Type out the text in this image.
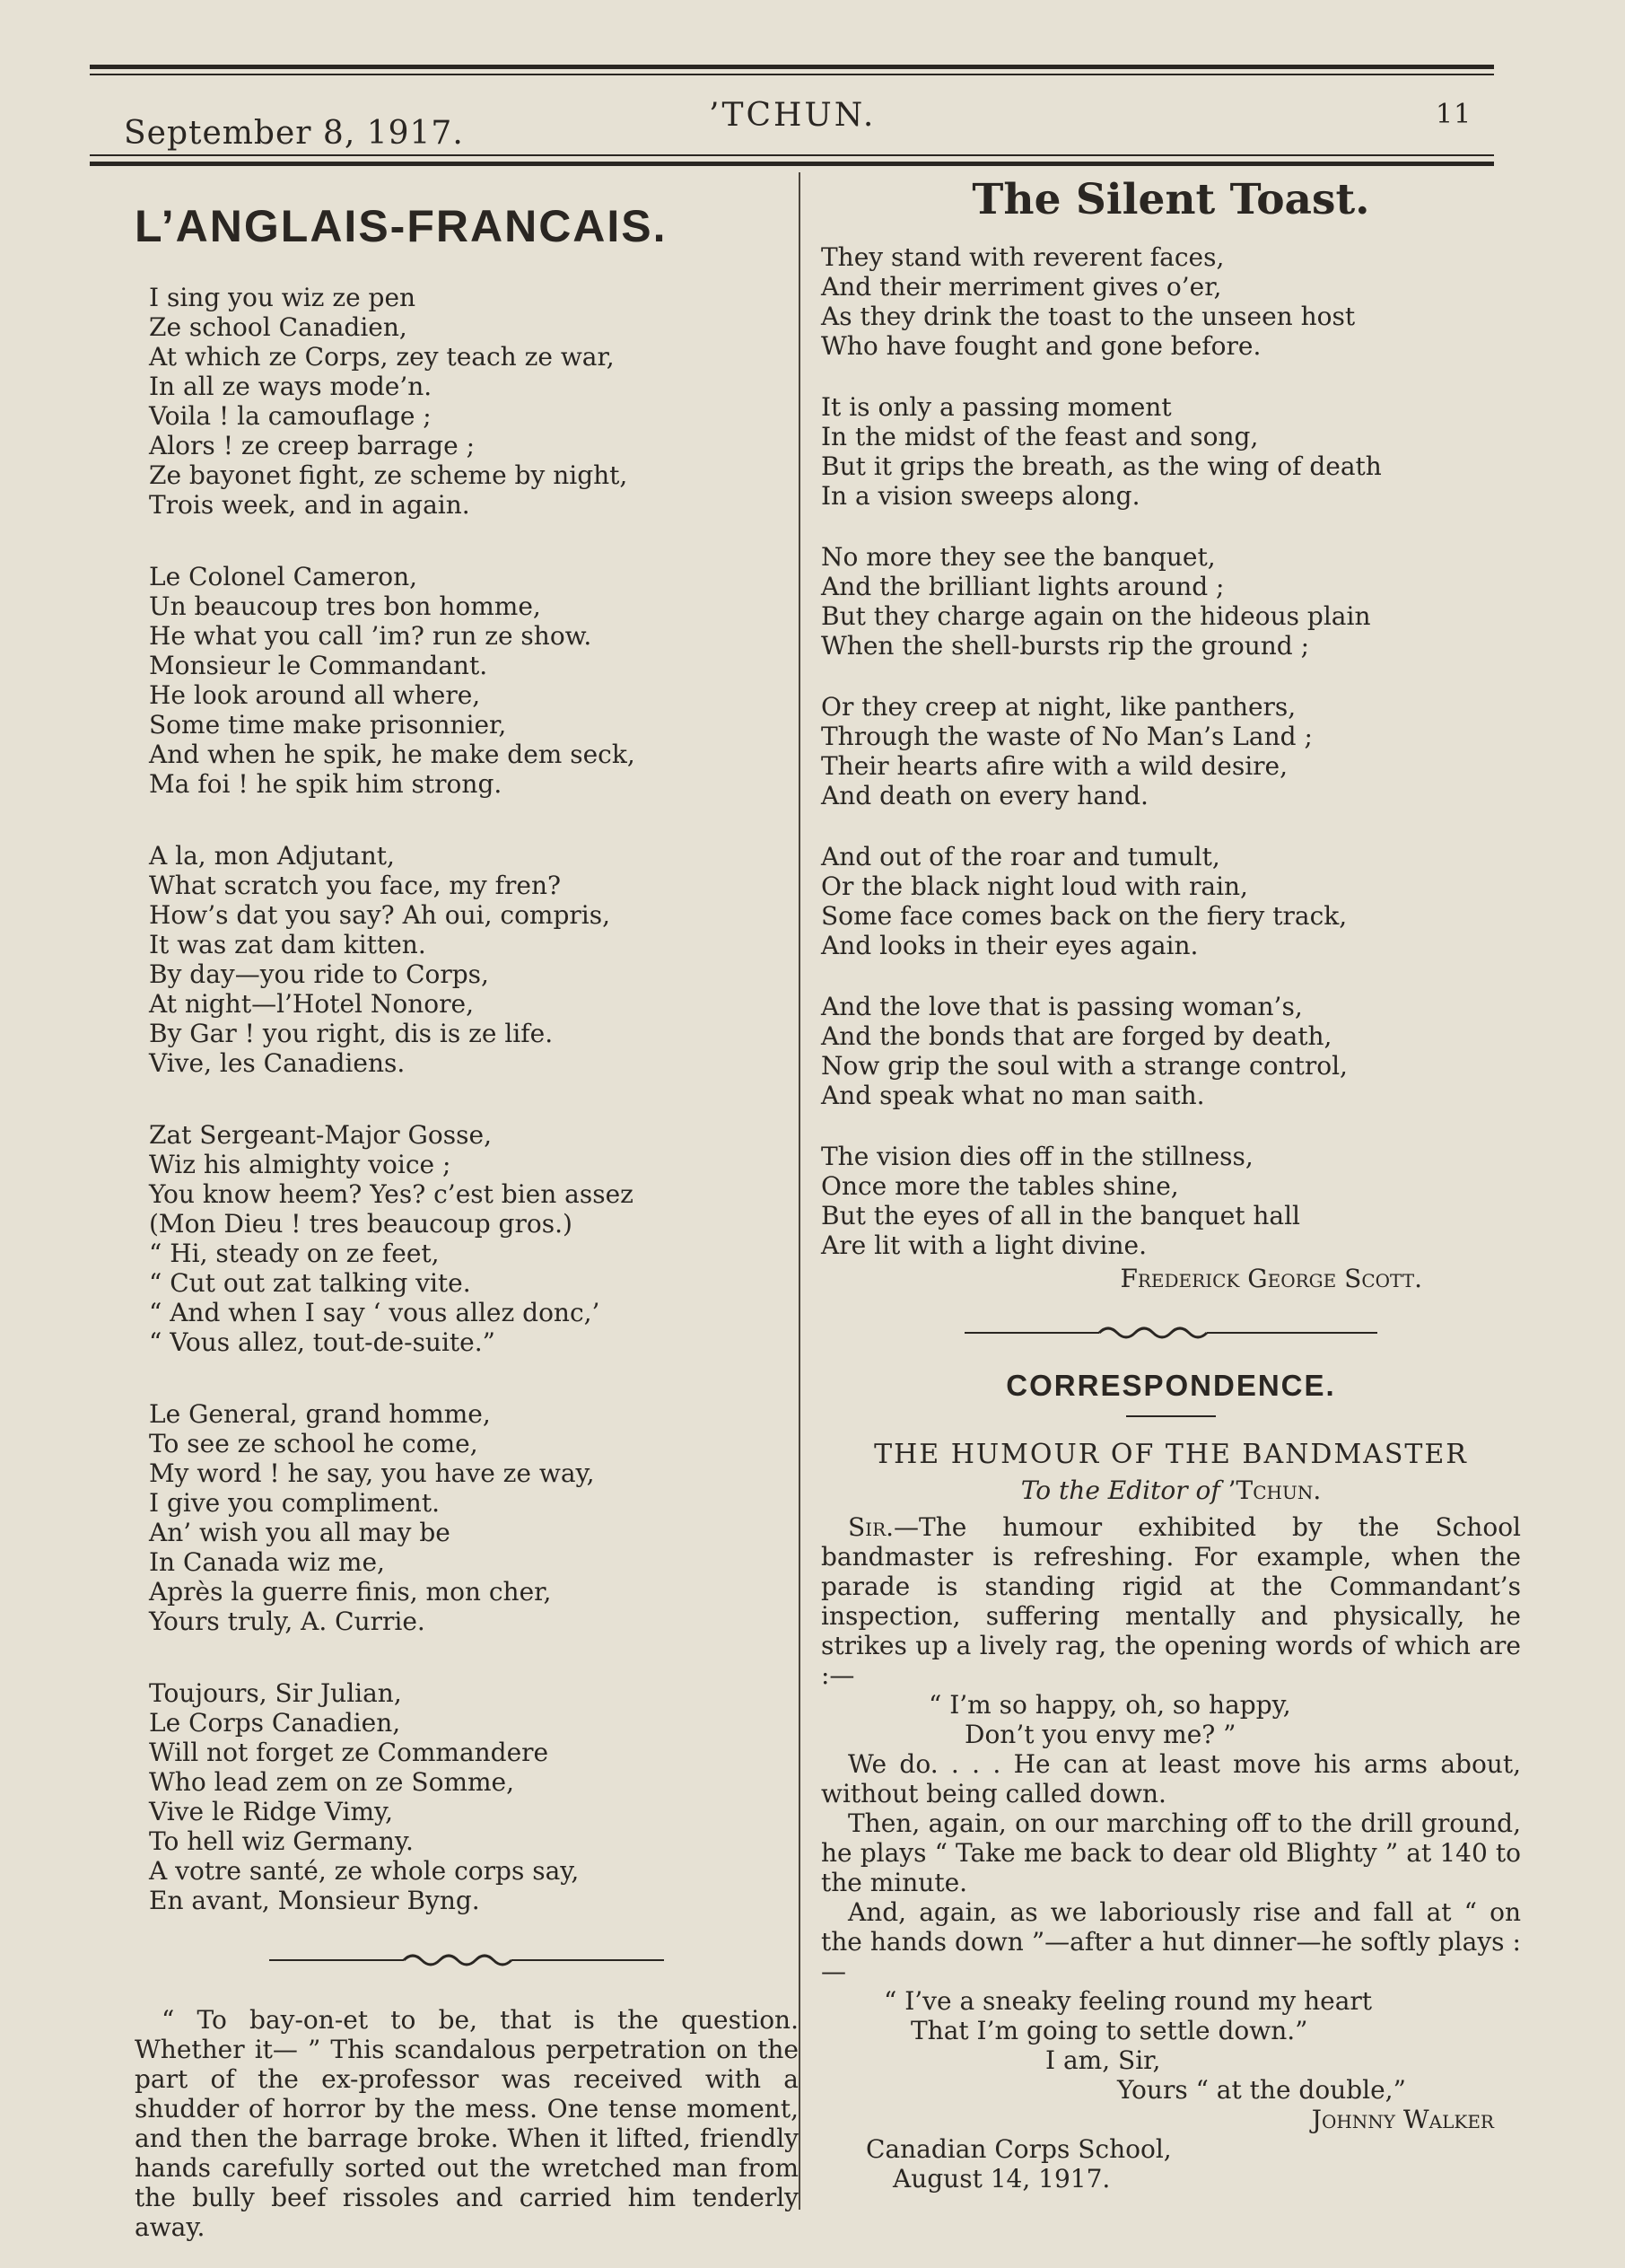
September 8, 1917.	’TCHUN.	11
L’ANGLAIS-FRANCAIS.
I sing you wiz ze pen
Ze school Canadien,
At which ze Corps, zey teach ze war,
In all ze ways mode’n.
Voila ! la camouflage ;
Alors ! ze creep barrage ;
Ze bayonet fight, ze scheme by night,
Trois week, and in again.
Le Colonel Cameron,
Un beaucoup tres bon homme,
He what you call ’im? run ze show.
Monsieur le Commandant.
He look around all where,
Some time make prisonnier,
And when he spik, he make dem seck,
Ma foi ! he spik him strong.
A la, mon Adjutant,
What scratch you face, my fren?
How’s dat you say? Ah oui, compris,
It was zat dam kitten.
By day—you ride to Corps,
At night—l’Hotel Nonore,
By Gar ! you right, dis is ze life.
Vive, les Canadiens.
Zat Sergeant-Major Gosse,
Wiz his almighty voice ;
You know heem? Yes? c’est bien assez
(Mon Dieu ! tres beaucoup gros.)
“ Hi, steady on ze feet,
“ Cut out zat talking vite.
“ And when I say ‘ vous allez donc,’
“ Vous allez, tout-de-suite.”
Le General, grand homme,
To see ze school he come,
My word ! he say, you have ze way,
I give you compliment.
An’ wish you all may be
In Canada wiz me,
Après la guerre finis, mon cher,
Yours truly, A. Currie.
Toujours, Sir Julian,
Le Corps Canadien,
Will not forget ze Commandere
Who lead zem on ze Somme,
Vive le Ridge Vimy,
To hell wiz Germany.
A votre santé, ze whole corps say,
En avant, Monsieur Byng.

“ To bay-on-et to be, that is the question. Whether it— ” This scandalous perpetration on the part of the ex-professor was received with a shudder of horror by the mess. One tense moment, and then the barrage broke. When it lifted, friendly hands carefully sorted out the wretched man from the bully beef rissoles and carried him tenderly away.

The Silent Toast.
They stand with reverent faces,
And their merriment gives o’er,
As they drink the toast to the unseen host
Who have fought and gone before.
It is only a passing moment
In the midst of the feast and song,
But it grips the breath, as the wing of death
In a vision sweeps along.
No more they see the banquet,
And the brilliant lights around ;
But they charge again on the hideous plain
When the shell-bursts rip the ground ;
Or they creep at night, like panthers,
Through the waste of No Man’s Land ;
Their hearts afire with a wild desire,
And death on every hand.
And out of the roar and tumult,
Or the black night loud with rain,
Some face comes back on the fiery track,
And looks in their eyes again.
And the love that is passing woman’s,
And the bonds that are forged by death,
Now grip the soul with a strange control,
And speak what no man saith.
The vision dies off in the stillness,
Once more the tables shine,
But the eyes of all in the banquet hall
Are lit with a light divine.
Frederick George Scott.
CORRESPONDENCE.
THE HUMOUR OF THE BANDMASTER
To the Editor of ’Tchun.

Sir.—The humour exhibited by the School bandmaster is refreshing. For example, when the parade is standing rigid at the Commandant’s inspection, suffering mentally and physically, he strikes up a lively rag, the opening words of which are :—

“ I’m so happy, oh, so happy,
Don’t you envy me? ”

We do. . . . He can at least move his arms about, without being called down.

Then, again, on our marching off to the drill ground, he plays “ Take me back to dear old Blighty ” at 140 to the minute.

And, again, as we laboriously rise and fall at “ on the hands down ”—after a hut dinner—he softly plays :—

“ I’ve a sneaky feeling round my heart
That I’m going to settle down.”
I am, Sir,
Yours “ at the double,”
Johnny Walker
Canadian Corps School,
August 14, 1917.
